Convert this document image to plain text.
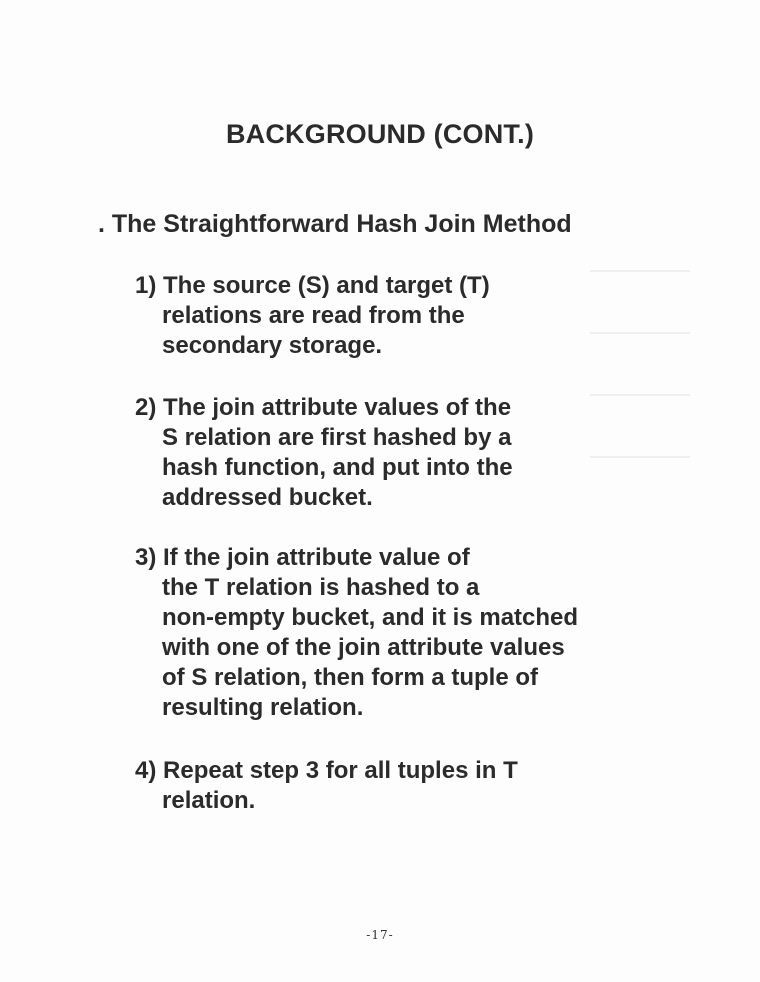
BACKGROUND (CONT.)
. The Straightforward Hash Join Method
1) The source (S) and target (T)
relations are read from the
secondary storage.
2) The join attribute values of the
S relation are first hashed by a
hash function, and put into the
addressed bucket.
3) If the join attribute value of
the T relation is hashed to a
non-empty bucket, and it is matched
with one of the join attribute values
of S relation, then form a tuple of
resulting relation.
4) Repeat step 3 for all tuples in T
relation.
-17-
